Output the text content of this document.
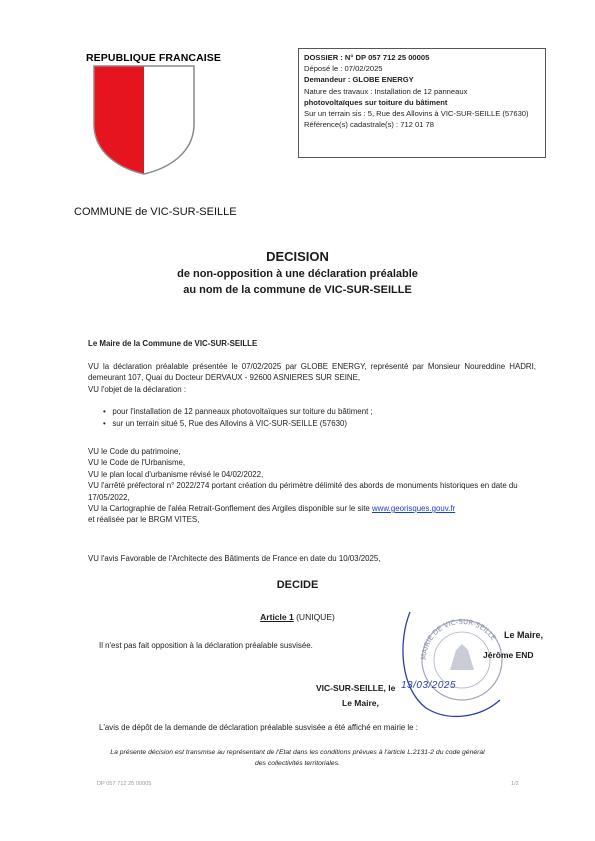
REPUBLIQUE FRANCAISE
COMMUNE de VIC-SUR-SEILLE
DOSSIER : N° DP 057 712 25 00005
Déposé le : 07/02/2025
Demandeur : GLOBE ENERGY
Nature des travaux : Installation de 12 panneaux
photovoltaïques sur toiture du bâtiment
Sur un terrain sis : 5, Rue des Allovins à VIC-SUR-SEILLE (57630)
Référence(s) cadastrale(s) : 712 01 78
DECISION
de non-opposition à une déclaration préalable
au nom de la commune de VIC-SUR-SEILLE
Le Maire de la Commune de VIC-SUR-SEILLE
VU la déclaration préalable présentée le 07/02/2025 par GLOBE ENERGY, représenté par Monsieur Noureddine HADRI, demeurant 107, Quai du Docteur DERVAUX - 92600 ASNIERES SUR SEINE,
VU l'objet de la déclaration :
•   pour l'installation de 12 panneaux photovoltaïques sur toiture du bâtiment ;
•   sur un terrain situé 5, Rue des Allovins à VIC-SUR-SEILLE (57630)
VU le Code du patrimoine,
VU le Code de l'Urbanisme,
VU le plan local d'urbanisme révisé le 04/02/2022,
VU l'arrêté préfectoral n° 2022/274 portant création du périmètre délimité des abords de monuments historiques en date du 17/05/2022,
VU la Cartographie de l'aléa Retrait-Gonflement des Argiles disponible sur le site www.georisques.gouv.fr
et réalisée par le BRGM VITES,
VU l'avis Favorable de l'Architecte des Bâtiments de France en date du 10/03/2025,
DECIDE
Article 1 (UNIQUE)
Il n'est pas fait opposition à la déclaration préalable susvisée.
MAIRIE DE VIC-SUR-SEILLE Le Maire,
Jérôme END
VIC-SUR-SEILLE, le 13/03/2025
Le Maire,
L'avis de dépôt de la demande de déclaration préalable susvisée a été affiché en mairie le :
La présente décision est transmise au représentant de l'Etat dans les conditions prévues à l'article L.2131-2 du code général
des collectivités territoriales.
DP 057 712 25 00005	1/2
